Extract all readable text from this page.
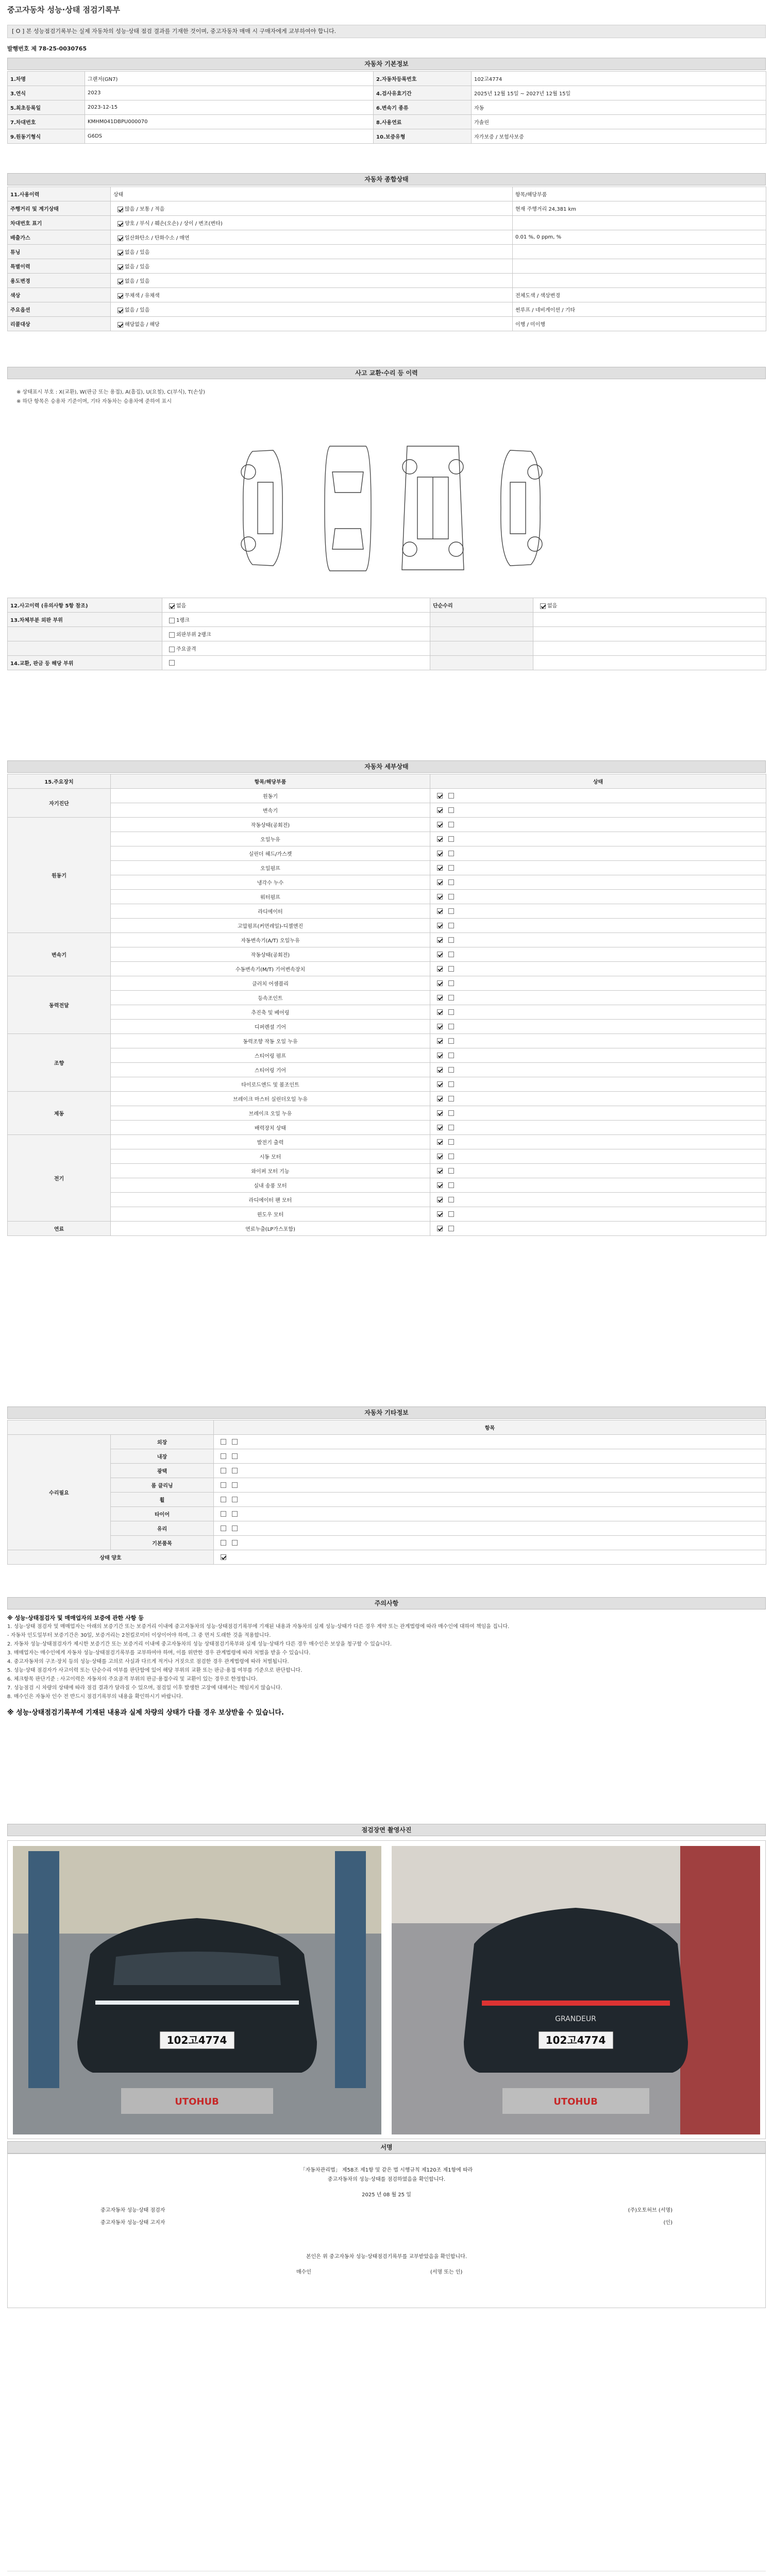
중고자동차 성능·상태 점검기록부
[ O ] 본 성능점검기록부는 실제 자동차의 성능·상태 점검 결과를 기재한 것이며, 중고자동차 매매 시 구매자에게 교부하여야 합니다.
발행번호 제 78-25-0030765
자동차 기본정보
1.차명	그랜저(GN7)	2.자동차등록번호	102고4774
3.연식	2023	4.검사유효기간	2025년 12월 15일 ~ 2027년 12월 15일
5.최초등록일	2023-12-15	6.변속기 종류	자동
7.차대번호	KMHM041DBPU000070	8.사용연료	가솔린
9.원동기형식	G6DS	10.보증유형	자가보증 / 보험사보증
자동차 종합상태
11.사용이력	상태	항목/해당부품
주행거리 및 계기상태	많음 / 보통 / 적음	현재 주행거리 24,381 km
차대번호 표기	양호 / 부식 / 훼손(오손) / 상이 / 변조(변타)	
배출가스	일산화탄소 / 탄화수소 / 매연	0.01 %, 0 ppm, %
튜닝	없음 / 있음	
특별이력	없음 / 있음	
용도변경	없음 / 있음	
색상	무채색 / 유채색	전체도색 / 색상변경
주요옵션	없음 / 있음	썬루프 / 네비게이션 / 기타
리콜대상	해당없음 / 해당	이행 / 미이행
사고 교환·수리 등 이력
※ 상태표시 부호 : X(교환), W(판금 또는 용접), A(흠집), U(요철), C(부식), T(손상)
※ 하단 항목은 승용차 기준이며, 기타 자동차는 승용차에 준하여 표시
12.사고이력 (유의사항 5항 참조)	없음	단순수리	없음
13.차체부분 외판 부위	1랭크		
	외판부위 2랭크		
	주요골격		
14.교환, 판금 등 해당 부위			
자동차 세부상태
15.주요장치	항목/해당부품	상태
자기진단	원동기	
	변속기	
원동기	작동상태(공회전)	
	오일누유	
	실린더 헤드/가스켓	
	오일펌프	
	냉각수 누수	
	워터펌프	
	라디에이터	
	고압펌프(커먼레일)-디젤엔진	
변속기	자동변속기(A/T) 오일누유	
	작동상태(공회전)	
	수동변속기(M/T) 기어변속장치	
동력전달	클러치 어셈블리	
	등속조인트	
	추진축 및 베어링	
	디퍼렌셜 기어	
조향	동력조향 작동 오일 누유	
	스티어링 펌프	
	스티어링 기어	
	타이로드엔드 및 볼조인트	
제동	브레이크 마스터 실린더오일 누유	
	브레이크 오일 누유	
	배력장치 상태	
전기	발전기 출력	
	시동 모터	
	와이퍼 모터 기능	
	실내 송풍 모터	
	라디에이터 팬 모터	
	윈도우 모터	
연료	연료누출(LP가스포함)	
자동차 기타정보
		항목
수리필요	외장	
	내장	
	광택	
	룸 클리닝	
	휠	
	타이어	
	유리	
	기본품목	
상태 양호		
주의사항
※ 성능·상태점검자 및 매매업자의 보증에 관한 사항 등
1. 성능·상태 점검자 및 매매업자는 아래의 보증기간 또는 보증거리 이내에 중고자동차의 성능·상태점검기록부에 기재된 내용과 자동차의 실제 성능·상태가 다른 경우 계약 또는 관계법령에 따라 매수인에 대하여 책임을 집니다.
- 자동차 인도일부터 보증기간은 30일, 보증거리는 2천킬로미터 이상이어야 하며, 그 중 먼저 도래한 것을 적용합니다.
2. 자동차 성능·상태점검자가 제시한 보증기간 또는 보증거리 이내에 중고자동차의 성능 상태점검기록부와 실제 성능·상태가 다른 경우 매수인은 보상을 청구할 수 있습니다.
3. 매매업자는 매수인에게 자동차 성능·상태점검기록부를 교부하여야 하며, 이를 위반한 경우 관계법령에 따라 처벌을 받을 수 있습니다.
4. 중고자동차의 구조·장치 등의 성능·상태를 고의로 사실과 다르게 적거나 거짓으로 점검한 경우 관계법령에 따라 처벌됩니다.
5. 성능·상태 점검자가 사고이력 또는 단순수리 여부를 판단함에 있어 해당 부위의 교환 또는 판금·용접 여부를 기준으로 판단합니다.
6. 체크항목 판단기준 : 사고이력은 자동차의 주요골격 부위의 판금·용접수리 및 교환이 있는 경우로 한정합니다.
7. 성능점검 시 차량의 상태에 따라 점검 결과가 달라질 수 있으며, 점검일 이후 발생한 고장에 대해서는 책임지지 않습니다.
8. 매수인은 자동차 인수 전 반드시 점검기록부의 내용을 확인하시기 바랍니다.
※ 성능·상태점검기록부에 기재된 내용과 실제 차량의 상태가 다를 경우 보상받을 수 있습니다.
점검장면 촬영사진
102고4774
UTOHUB
GRANDEUR
102고4774
UTOHUB
서명
「자동차관리법」 제58조 제1항 및 같은 법 시행규칙 제120조 제1항에 따라
중고자동차의 성능·상태를 점검하였음을 확인합니다.
2025 년 08 월 25 일
중고자동차 성능·상태 점검자	(주)오토허브 (서명)
중고자동차 성능·상태 고지자	(인)
본인은 위 중고자동차 성능·상태점검기록부를 교부받았음을 확인합니다.
매수인	(서명 또는 인)
